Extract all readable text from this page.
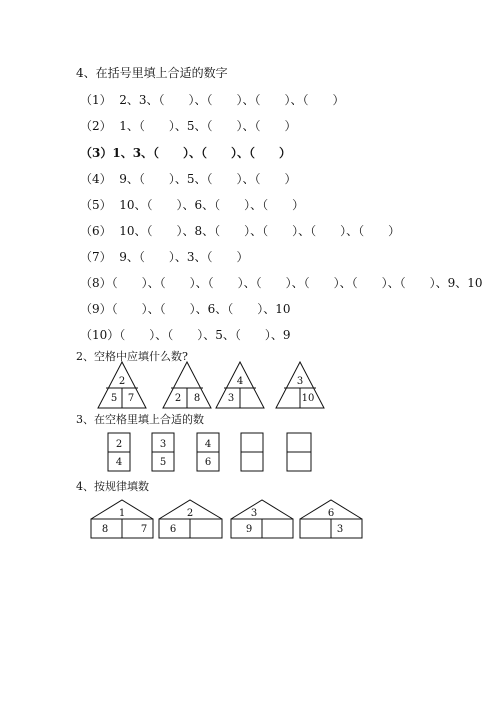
4、在括号里填上合适的数字
（1）  2、3、（　　）、（　　）、（　　）、（　　）
（2）  1、（　　）、5、（　　）、（　　）
（3）1、3、（　　）、（　　）、（　　）
（4）  9、（　　）、5、（　　）、（　　）
（5）  10、（　　）、6、（　　）、（　　）
（6）  10、（　　）、8、（　　）、（　　）、（　　）、（　　）
（7）  9、（　　）、3、（　　）
（8）（　　）、（　　）、（　　）、（　　）、（　　）、（　　）、（　　）、9、10
（9）（　　）、（　　）、6、（　　）、10
（10）（　　）、（　　）、5、（　　）、9
2、空格中应填什么数?
3、在空格里填上合适的数
4、按规律填数
2
5 7	2 8
4
3
3
10
2
4
3
5
4
6
1
8	7
2
6
3
9
6
3
